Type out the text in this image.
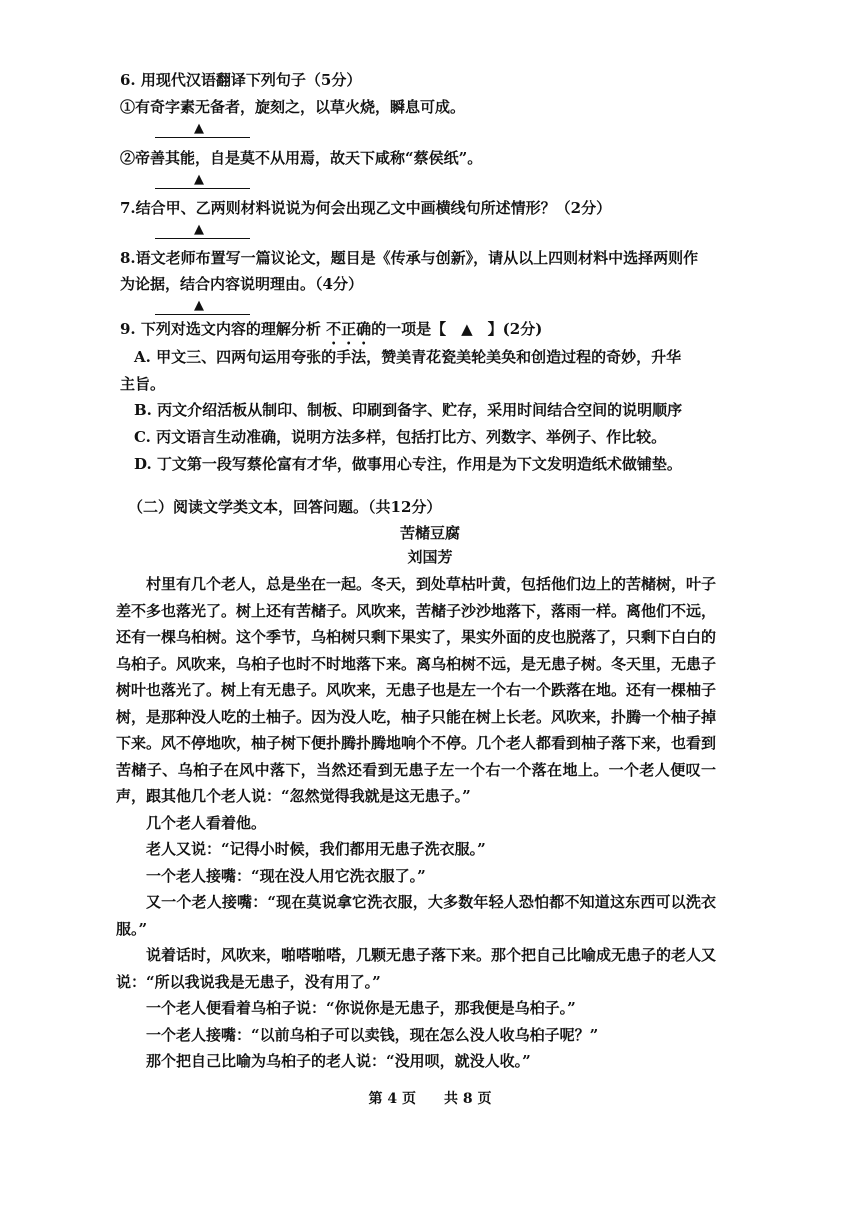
6. 用现代汉语翻译下列句子（5分）
①有奇字素无备者，旋刻之，以草火烧，瞬息可成。
▲
②帝善其能，自是莫不从用焉，故天下咸称“蔡侯纸”。
▲
7.结合甲、乙两则材料说说为何会出现乙文中画横线句所述情形？（2分）
▲
8.语文老师布置写一篇议论文，题目是《传承与创新》，请从以上四则材料中选择两则作
为论据，结合内容说明理由。（4分）
▲
9. 下列对选文内容的理解分析 不正确的一项是【　▲　】(2分)
A. 甲文三、四两句运用夸张的手法，赞美青花瓷美轮美奂和创造过程的奇妙，升华
主旨。
B. 丙文介绍活板从制印、制板、印刷到备字、贮存，采用时间结合空间的说明顺序
C. 丙文语言生动准确，说明方法多样，包括打比方、列数字、举例子、作比较。
D. 丁文第一段写蔡伦富有才华，做事用心专注，作用是为下文发明造纸术做铺垫。
（二）阅读文学类文本，回答问题。（共12分）
苦槠豆腐
刘国芳

村里有几个老人，总是坐在一起。冬天，到处草枯叶黄，包括他们边上的苦槠树，叶子差不多也落光了。树上还有苦槠子。风吹来，苦槠子沙沙地落下，落雨一样。离他们不远，还有一棵乌桕树。这个季节，乌桕树只剩下果实了，果实外面的皮也脱落了，只剩下白白的乌桕子。风吹来，乌桕子也时不时地落下来。离乌桕树不远，是无患子树。冬天里，无患子树叶也落光了。树上有无患子。风吹来，无患子也是左一个右一个跌落在地。还有一棵柚子树，是那种没人吃的土柚子。因为没人吃，柚子只能在树上长老。风吹来，扑腾一个柚子掉下来。风不停地吹，柚子树下便扑腾扑腾地响个不停。几个老人都看到柚子落下来，也看到苦槠子、乌桕子在风中落下，当然还看到无患子左一个右一个落在地上。一个老人便叹一声，跟其他几个老人说：“忽然觉得我就是这无患子。”

几个老人看着他。

老人又说：“记得小时候，我们都用无患子洗衣服。”

一个老人接嘴：“现在没人用它洗衣服了。”

又一个老人接嘴：“现在莫说拿它洗衣服，大多数年轻人恐怕都不知道这东西可以洗衣服。”

说着话时，风吹来，啪嗒啪嗒，几颗无患子落下来。那个把自己比喻成无患子的老人又说：“所以我说我是无患子，没有用了。”

一个老人便看着乌桕子说：“你说你是无患子，那我便是乌桕子。”

一个老人接嘴：“以前乌桕子可以卖钱，现在怎么没人收乌桕子呢？”

那个把自己比喻为乌桕子的老人说：“没用呗，就没人收。”

第 4 页　　共 8 页
